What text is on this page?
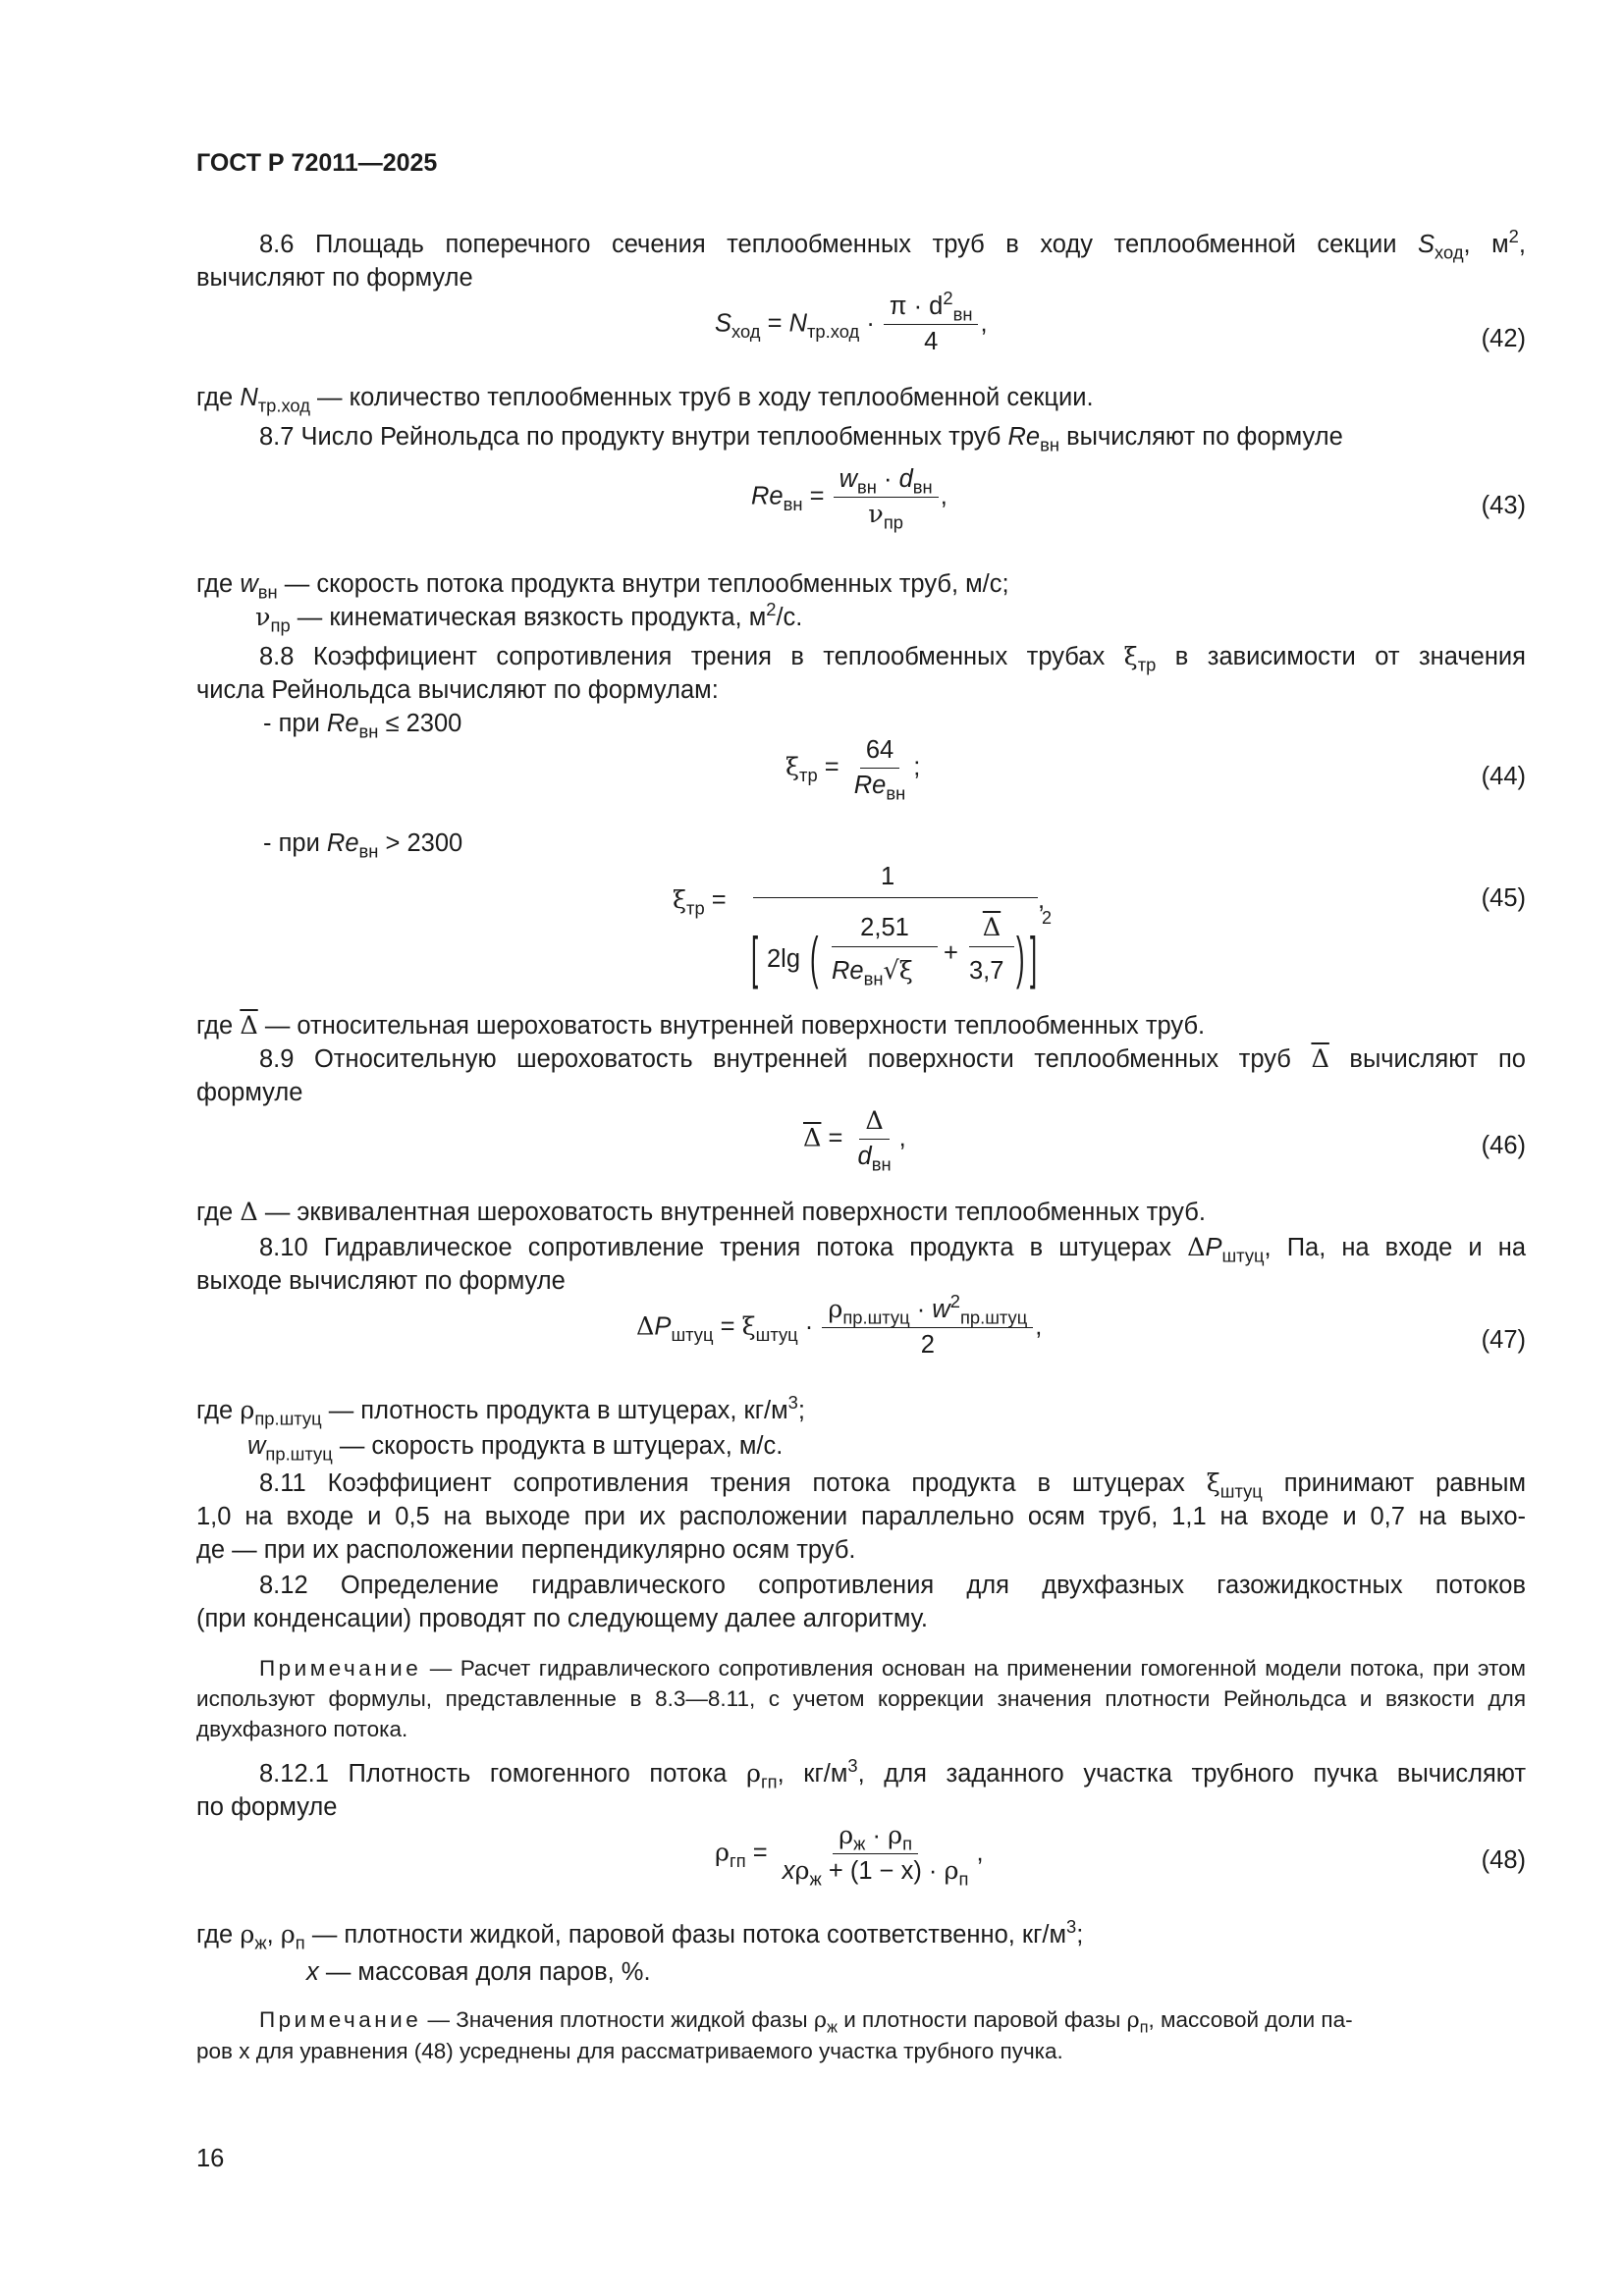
ГОСТ Р 72011—2025
8.6 Площадь поперечного сечения теплообменных труб в ходу теплообменной секции $S_{ход}$, $м^2$,
вычисляют по формуле
$S_{ход} = N_{тр.ход} \cdot \frac{\pi \cdot d^2_{вн}}{4}$ ,
(42)
где $N_{тр.ход}$ — количество теплообменных труб в ходу теплообменной секции.
8.7 Число Рейнольдса по продукту внутри теплообменных труб $Re_{вн}$ вычисляют по формуле
$Re_{вн} = \frac{w_{вн} \cdot d_{вн}}{\nu_{пр}}$ ,	(43)
где $w_{вн}$ — скорость потока продукта внутри теплообменных труб, м/с;
$\nu_{пр}$ — кинематическая вязкость продукта, $м^2/с$.
8.8 Коэффициент сопротивления трения в теплообменных трубах $\xi_{тр}$ в зависимости от значения
числа Рейнольдса вычисляют по формулам:
- при $Re_{вн} \le 2300$
$\xi_{тр} = \frac{64}{Re_{вн}}$ ;	(44)
- при $Re_{вн} > 2300$
$\xi_{тр}$ =
1
,
[ 2lg (	2,51
$Re_{вн}√\xi$
+
$\overline{\Delta}$
3,7 ) ]
2
(45)
где $\overline{\Delta}$ — относительная шероховатость внутренней поверхности теплообменных труб.
8.9 Относительную шероховатость внутренней поверхности теплообменных труб $\overline{\Delta}$ вычисляют по
формуле
$\overline{\Delta} = \frac{\Delta}{d_{вн}}$ ,	(46)
где Δ — эквивалентная шероховатость внутренней поверхности теплообменных труб.
8.10 Гидравлическое сопротивление трения потока продукта в штуцерах $\Delta P_{штуц}$, Па, на входе и на
выходе вычисляют по формуле
$\Delta P_{штуц} = \xi_{штуц} \cdot \frac{\rho_{пр.штуц} \cdot w^2_{пр.штуц}}{2}$ ,	(47)
где $\rho_{пр.штуц}$ — плотность продукта в штуцерах, $кг/м^3$;
$w_{пр.штуц}$ — скорость продукта в штуцерах, м/с.
8.11 Коэффициент сопротивления трения потока продукта в штуцерах $\xi_{штуц}$ принимают равным
1,0 на входе и 0,5 на выходе при их расположении параллельно осям труб, 1,1 на входе и 0,7 на выхо-
де — при их расположении перпендикулярно осям труб.
8.12 Определение гидравлического сопротивления для двухфазных газожидкостных потоков
(при конденсации) проводят по следующему далее алгоритму.
Примечание — Расчет гидравлического сопротивления основан на применении гомогенной модели потока, при этом используют формулы, представленные в 8.3—8.11, с учетом коррекции значения плотности Рейнольдса и вязкости для двухфазного потока.
8.12.1 Плотность гомогенного потока $\rho_{гп}$, $кг/м^3$, для заданного участка трубного пучка вычисляют
по формуле
$\rho_{гп} = \frac{\rho_ж \cdot \rho_п}{x\rho_ж + (1 - x) \cdot \rho_п}$ ,	(48)
где $\rho_ж$, $\rho_п$ — плотности жидкой, паровой фазы потока соответственно, $кг/м^3$;
x — массовая доля паров, %.
Примечание — Значения плотности жидкой фазы $\rho_ж$ и плотности паровой фазы $\rho_п$, массовой доли па-
ров x для уравнения (48) усреднены для рассматриваемого участка трубного пучка.
16
